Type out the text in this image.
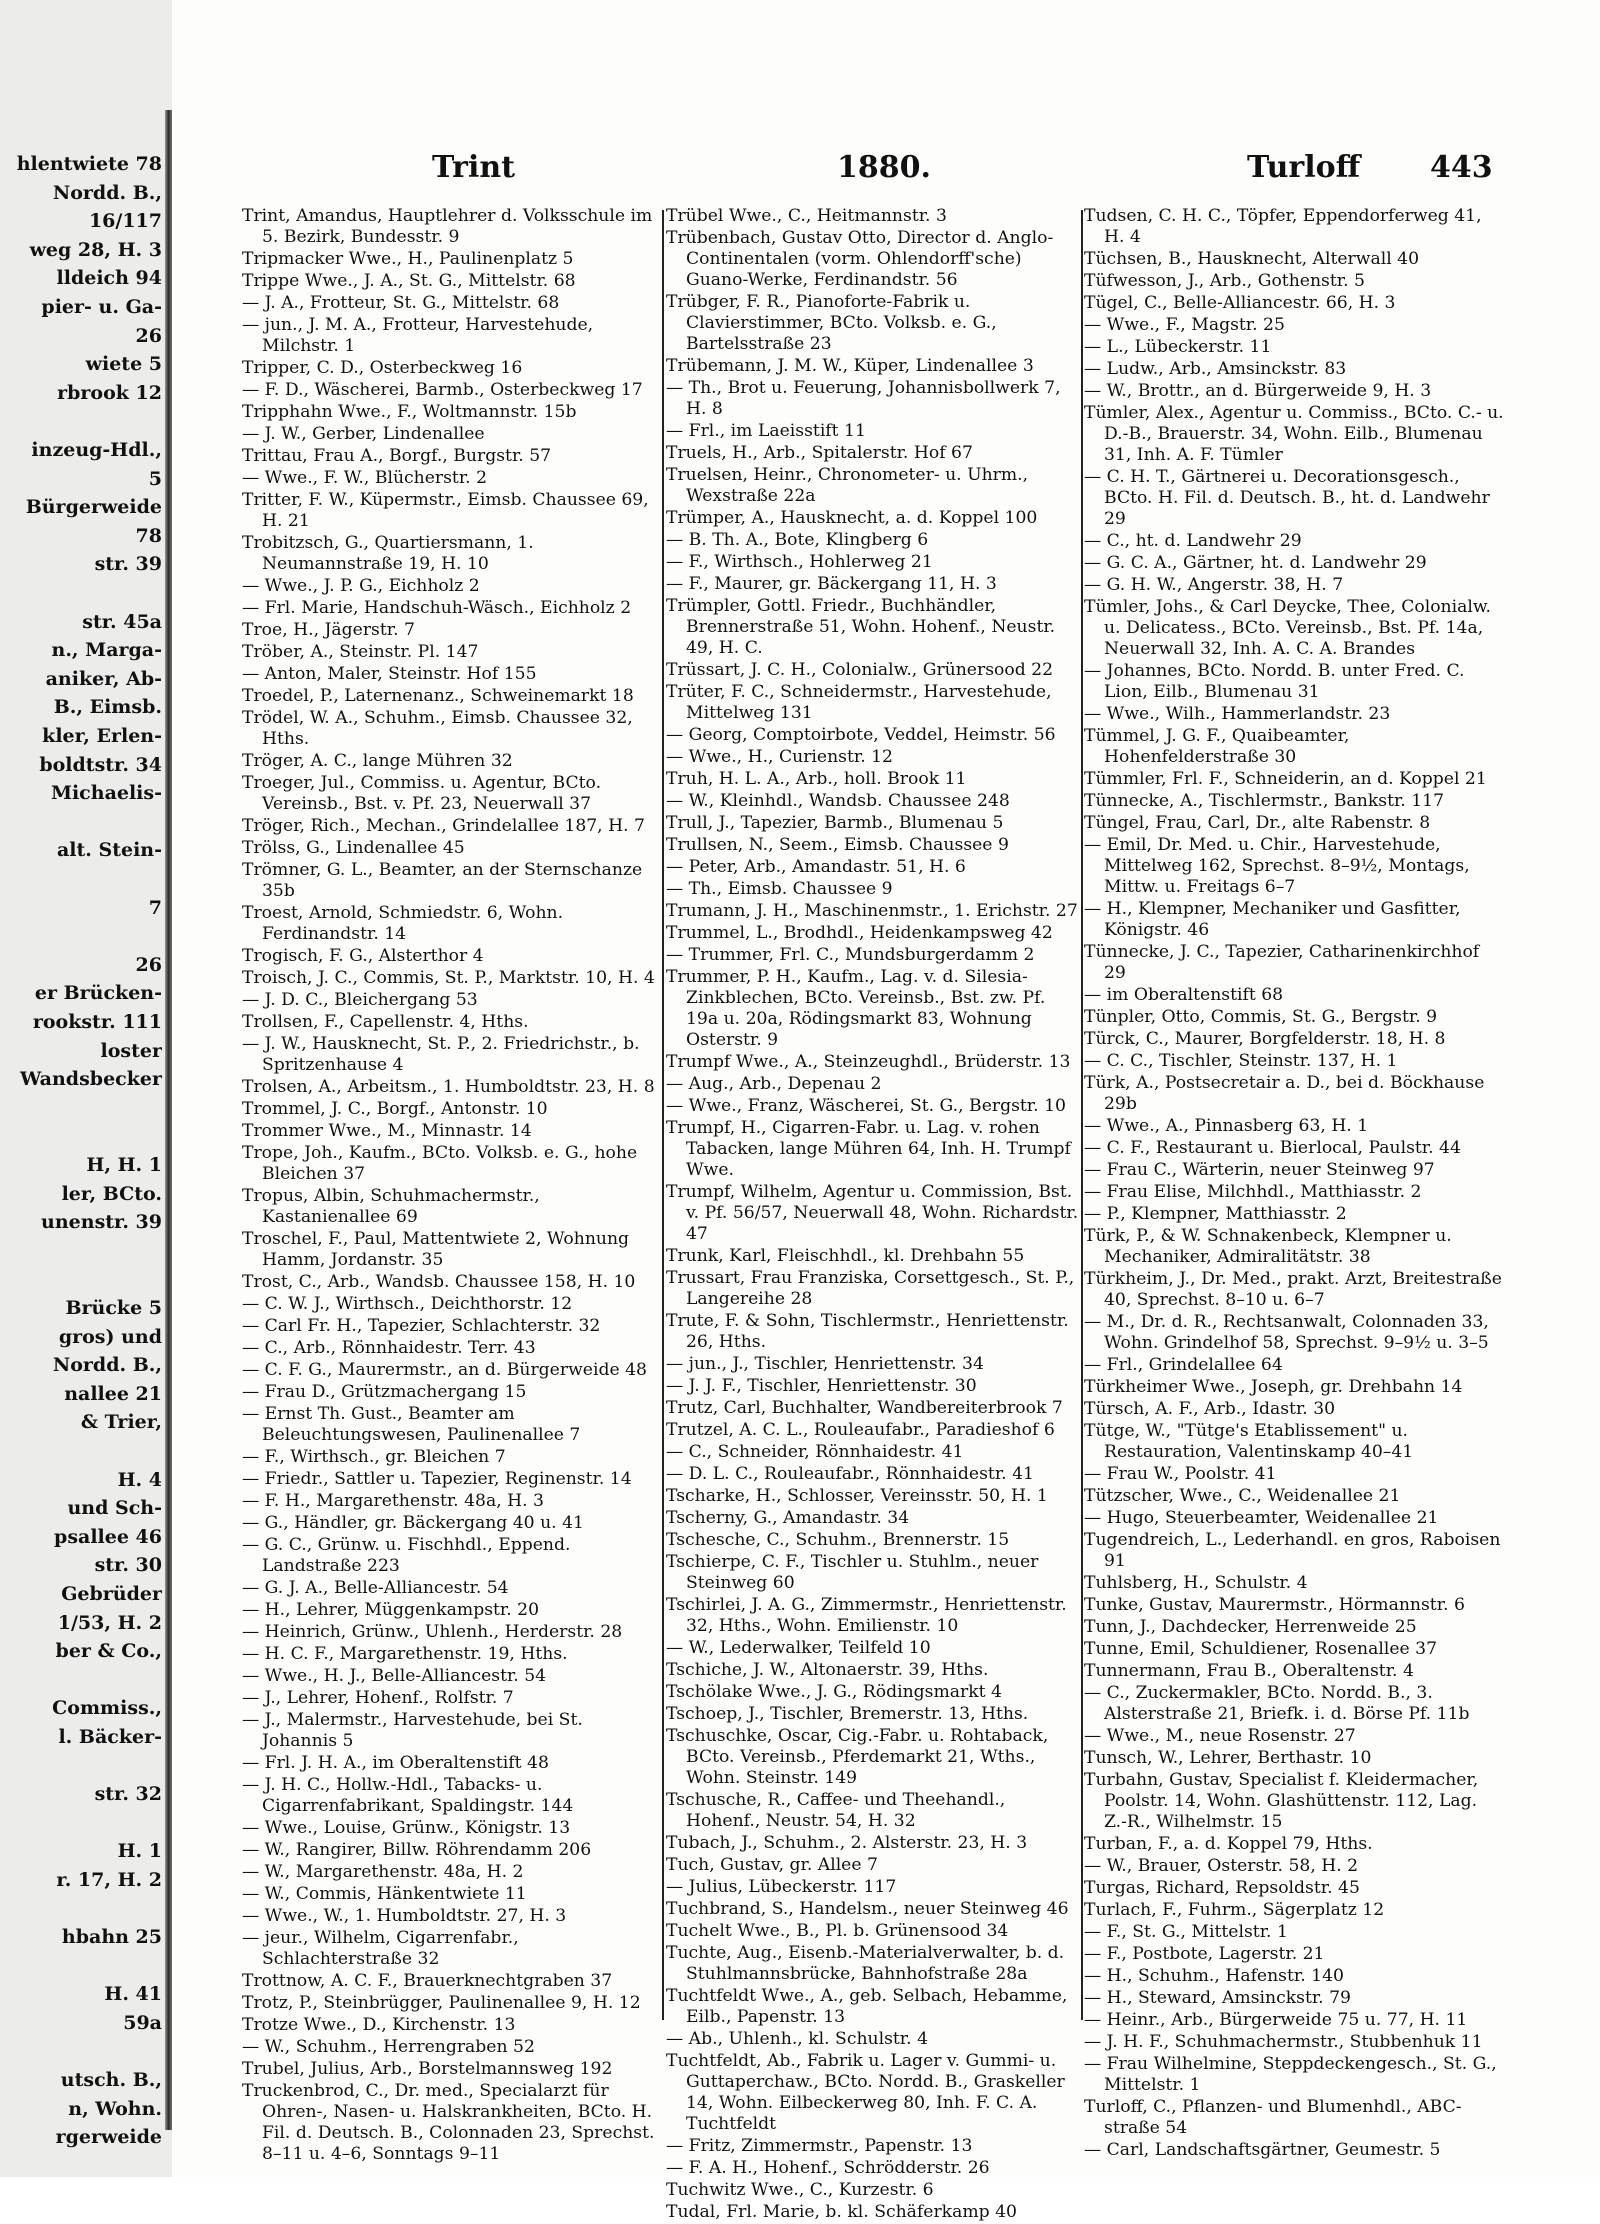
hlentwiete 78
Nordd. B.,
16/117
weg 28, H. 3
lldeich 94
pier- u. Ga-
26
wiete 5
rbrook 12
inzeug-Hdl.,
5
Bürgerweide
78
str. 39
str. 45a
n., Marga-
aniker, Ab-
B., Eimsb.
kler, Erlen-
boldtstr. 34
Michaelis-
alt. Stein-
7
26
er Brücken-
rookstr. 111
loster
Wandsbecker
H, H. 1
ler, BCto.
unenstr. 39
Brücke 5
gros) und
Nordd. B.,
nallee 21
& Trier,
H. 4
und Sch-
psallee 46
str. 30
Gebrüder
1/53, H. 2
ber & Co.,
Commiss.,
l. Bäcker-
str. 32
H. 1
r. 17, H. 2
hbahn 25
H. 41
59a
utsch. B.,
n, Wohn.
rgerweide
Trint	1880.	Turloff 443
Trint, Amandus, Hauptlehrer d. Volksschule im 5. Bezirk, Bundesstr. 9
Tripmacker Wwe., H., Paulinenplatz 5
Trippe Wwe., J. A., St. G., Mittelstr. 68
— J. A., Frotteur, St. G., Mittelstr. 68
— jun., J. M. A., Frotteur, Harvestehude, Milchstr. 1
Tripper, C. D., Osterbeckweg 16
— F. D., Wäscherei, Barmb., Osterbeckweg 17
Tripphahn Wwe., F., Woltmannstr. 15b
— J. W., Gerber, Lindenallee
Trittau, Frau A., Borgf., Burgstr. 57
— Wwe., F. W., Blücherstr. 2
Tritter, F. W., Küpermstr., Eimsb. Chaussee 69, H. 21
Trobitzsch, G., Quartiersmann, 1. Neumannstraße 19, H. 10
— Wwe., J. P. G., Eichholz 2
— Frl. Marie, Handschuh-Wäsch., Eichholz 2
Troe, H., Jägerstr. 7
Tröber, A., Steinstr. Pl. 147
— Anton, Maler, Steinstr. Hof 155
Troedel, P., Laternenanz., Schweinemarkt 18
Trödel, W. A., Schuhm., Eimsb. Chaussee 32, Hths.
Tröger, A. C., lange Mühren 32
Troeger, Jul., Commiss. u. Agentur, BCto. Vereinsb., Bst. v. Pf. 23, Neuerwall 37
Tröger, Rich., Mechan., Grindelallee 187, H. 7
Trölss, G., Lindenallee 45
Trömner, G. L., Beamter, an der Sternschanze 35b
Troest, Arnold, Schmiedstr. 6, Wohn. Ferdinandstr. 14
Trogisch, F. G., Alsterthor 4
Troisch, J. C., Commis, St. P., Marktstr. 10, H. 4
— J. D. C., Bleichergang 53
Trollsen, F., Capellenstr. 4, Hths.
— J. W., Hausknecht, St. P., 2. Friedrichstr., b. Spritzenhause 4
Trolsen, A., Arbeitsm., 1. Humboldtstr. 23, H. 8
Trommel, J. C., Borgf., Antonstr. 10
Trommer Wwe., M., Minnastr. 14
Trope, Joh., Kaufm., BCto. Volksb. e. G., hohe Bleichen 37
Tropus, Albin, Schuhmachermstr., Kastanienallee 69
Troschel, F., Paul, Mattentwiete 2, Wohnung Hamm, Jordanstr. 35
Trost, C., Arb., Wandsb. Chaussee 158, H. 10
— C. W. J., Wirthsch., Deichthorstr. 12
— Carl Fr. H., Tapezier, Schlachterstr. 32
— C., Arb., Rönnhaidestr. Terr. 43
— C. F. G., Maurermstr., an d. Bürgerweide 48
— Frau D., Grützmachergang 15
— Ernst Th. Gust., Beamter am Beleuchtungswesen, Paulinenallee 7
— F., Wirthsch., gr. Bleichen 7
— Friedr., Sattler u. Tapezier, Reginenstr. 14
— F. H., Margarethenstr. 48a, H. 3
— G., Händler, gr. Bäckergang 40 u. 41
— G. C., Grünw. u. Fischhdl., Eppend. Landstraße 223
— G. J. A., Belle-Alliancestr. 54
— H., Lehrer, Müggenkampstr. 20
— Heinrich, Grünw., Uhlenh., Herderstr. 28
— H. C. F., Margarethenstr. 19, Hths.
— Wwe., H. J., Belle-Alliancestr. 54
— J., Lehrer, Hohenf., Rolfstr. 7
— J., Malermstr., Harvestehude, bei St. Johannis 5
— Frl. J. H. A., im Oberaltenstift 48
— J. H. C., Hollw.-Hdl., Tabacks- u. Cigarrenfabrikant, Spaldingstr. 144
— Wwe., Louise, Grünw., Königstr. 13
— W., Rangirer, Billw. Röhrendamm 206
— W., Margarethenstr. 48a, H. 2
— W., Commis, Hänkentwiete 11
— Wwe., W., 1. Humboldtstr. 27, H. 3
— jeur., Wilhelm, Cigarrenfabr., Schlachterstraße 32
Trottnow, A. C. F., Brauerknechtgraben 37
Trotz, P., Steinbrügger, Paulinenallee 9, H. 12
Trotze Wwe., D., Kirchenstr. 13
— W., Schuhm., Herrengraben 52
Trubel, Julius, Arb., Borstelmannsweg 192
Truckenbrod, C., Dr. med., Specialarzt für Ohren-, Nasen- u. Halskrankheiten, BCto. H. Fil. d. Deutsch. B., Colonnaden 23, Sprechst. 8–11 u. 4–6, Sonntags 9–11
Trübel Wwe., C., Heitmannstr. 3
Trübenbach, Gustav Otto, Director d. Anglo-Continentalen (vorm. Ohlendorff'sche) Guano-Werke, Ferdinandstr. 56
Trübger, F. R., Pianoforte-Fabrik u. Clavierstimmer, BCto. Volksb. e. G., Bartelsstraße 23
Trübemann, J. M. W., Küper, Lindenallee 3
— Th., Brot u. Feuerung, Johannisbollwerk 7, H. 8
— Frl., im Laeisstift 11
Truels, H., Arb., Spitalerstr. Hof 67
Truelsen, Heinr., Chronometer- u. Uhrm., Wexstraße 22a
Trümper, A., Hausknecht, a. d. Koppel 100
— B. Th. A., Bote, Klingberg 6
— F., Wirthsch., Hohlerweg 21
— F., Maurer, gr. Bäckergang 11, H. 3
Trümpler, Gottl. Friedr., Buchhändler, Brennerstraße 51, Wohn. Hohenf., Neustr. 49, H. C.
Trüssart, J. C. H., Colonialw., Grünersood 22
Trüter, F. C., Schneidermstr., Harvestehude, Mittelweg 131
— Georg, Comptoirbote, Veddel, Heimstr. 56
— Wwe., H., Curienstr. 12
Truh, H. L. A., Arb., holl. Brook 11
— W., Kleinhdl., Wandsb. Chaussee 248
Trull, J., Tapezier, Barmb., Blumenau 5
Trullsen, N., Seem., Eimsb. Chaussee 9
— Peter, Arb., Amandastr. 51, H. 6
— Th., Eimsb. Chaussee 9
Trumann, J. H., Maschinenmstr., 1. Erichstr. 27
Trummel, L., Brodhdl., Heidenkampsweg 42
— Trummer, Frl. C., Mundsburgerdamm 2
Trummer, P. H., Kaufm., Lag. v. d. Silesia-Zinkblechen, BCto. Vereinsb., Bst. zw. Pf. 19a u. 20a, Rödingsmarkt 83, Wohnung Osterstr. 9
Trumpf Wwe., A., Steinzeughdl., Brüderstr. 13
— Aug., Arb., Depenau 2
— Wwe., Franz, Wäscherei, St. G., Bergstr. 10
Trumpf, H., Cigarren-Fabr. u. Lag. v. rohen Tabacken, lange Mühren 64, Inh. H. Trumpf Wwe.
Trumpf, Wilhelm, Agentur u. Commission, Bst. v. Pf. 56/57, Neuerwall 48, Wohn. Richardstr. 47
Trunk, Karl, Fleischhdl., kl. Drehbahn 55
Trussart, Frau Franziska, Corsettgesch., St. P., Langereihe 28
Trute, F. & Sohn, Tischlermstr., Henriettenstr. 26, Hths.
— jun., J., Tischler, Henriettenstr. 34
— J. J. F., Tischler, Henriettenstr. 30
Trutz, Carl, Buchhalter, Wandbereiterbrook 7
Trutzel, A. C. L., Rouleaufabr., Paradieshof 6
— C., Schneider, Rönnhaidestr. 41
— D. L. C., Rouleaufabr., Rönnhaidestr. 41
Tscharke, H., Schlosser, Vereinsstr. 50, H. 1
Tscherny, G., Amandastr. 34
Tschesche, C., Schuhm., Brennerstr. 15
Tschierpe, C. F., Tischler u. Stuhlm., neuer Steinweg 60
Tschirlei, J. A. G., Zimmermstr., Henriettenstr. 32, Hths., Wohn. Emilienstr. 10
— W., Lederwalker, Teilfeld 10
Tschiche, J. W., Altonaerstr. 39, Hths.
Tschölake Wwe., J. G., Rödingsmarkt 4
Tschoep, J., Tischler, Bremerstr. 13, Hths.
Tschuschke, Oscar, Cig.-Fabr. u. Rohtaback, BCto. Vereinsb., Pferdemarkt 21, Wths., Wohn. Steinstr. 149
Tschusche, R., Caffee- und Theehandl., Hohenf., Neustr. 54, H. 32
Tubach, J., Schuhm., 2. Alsterstr. 23, H. 3
Tuch, Gustav, gr. Allee 7
— Julius, Lübeckerstr. 117
Tuchbrand, S., Handelsm., neuer Steinweg 46
Tuchelt Wwe., B., Pl. b. Grünensood 34
Tuchte, Aug., Eisenb.-Materialverwalter, b. d. Stuhlmannsbrücke, Bahnhofstraße 28a
Tuchtfeldt Wwe., A., geb. Selbach, Hebamme, Eilb., Papenstr. 13
— Ab., Uhlenh., kl. Schulstr. 4
Tuchtfeldt, Ab., Fabrik u. Lager v. Gummi- u. Guttaperchaw., BCto. Nordd. B., Graskeller 14, Wohn. Eilbeckerweg 80, Inh. F. C. A. Tuchtfeldt
— Fritz, Zimmermstr., Papenstr. 13
— F. A. H., Hohenf., Schrödderstr. 26
Tuchwitz Wwe., C., Kurzestr. 6
Tudal, Frl. Marie, b. kl. Schäferkamp 40
Tudsen, C. H. C., Töpfer, Eppendorferweg 41, H. 4
Tüchsen, B., Hausknecht, Alterwall 40
Tüfwesson, J., Arb., Gothenstr. 5
Tügel, C., Belle-Alliancestr. 66, H. 3
— Wwe., F., Magstr. 25
— L., Lübeckerstr. 11
— Ludw., Arb., Amsinckstr. 83
— W., Brottr., an d. Bürgerweide 9, H. 3
Tümler, Alex., Agentur u. Commiss., BCto. C.- u. D.-B., Brauerstr. 34, Wohn. Eilb., Blumenau 31, Inh. A. F. Tümler
— C. H. T., Gärtnerei u. Decorationsgesch., BCto. H. Fil. d. Deutsch. B., ht. d. Landwehr 29
— C., ht. d. Landwehr 29
— G. C. A., Gärtner, ht. d. Landwehr 29
— G. H. W., Angerstr. 38, H. 7
Tümler, Johs., & Carl Deycke, Thee, Colonialw. u. Delicatess., BCto. Vereinsb., Bst. Pf. 14a, Neuerwall 32, Inh. A. C. A. Brandes
— Johannes, BCto. Nordd. B. unter Fred. C. Lion, Eilb., Blumenau 31
— Wwe., Wilh., Hammerlandstr. 23
Tümmel, J. G. F., Quaibeamter, Hohenfelderstraße 30
Tümmler, Frl. F., Schneiderin, an d. Koppel 21
Tünnecke, A., Tischlermstr., Bankstr. 117
Tüngel, Frau, Carl, Dr., alte Rabenstr. 8
— Emil, Dr. Med. u. Chir., Harvestehude, Mittelweg 162, Sprechst. 8–9½, Montags, Mittw. u. Freitags 6–7
— H., Klempner, Mechaniker und Gasfitter, Königstr. 46
Tünnecke, J. C., Tapezier, Catharinenkirchhof 29
— im Oberaltenstift 68
Tünpler, Otto, Commis, St. G., Bergstr. 9
Türck, C., Maurer, Borgfelderstr. 18, H. 8
— C. C., Tischler, Steinstr. 137, H. 1
Türk, A., Postsecretair a. D., bei d. Böckhause 29b
— Wwe., A., Pinnasberg 63, H. 1
— C. F., Restaurant u. Bierlocal, Paulstr. 44
— Frau C., Wärterin, neuer Steinweg 97
— Frau Elise, Milchhdl., Matthiasstr. 2
— P., Klempner, Matthiasstr. 2
Türk, P., & W. Schnakenbeck, Klempner u. Mechaniker, Admiralitätstr. 38
Türkheim, J., Dr. Med., prakt. Arzt, Breitestraße 40, Sprechst. 8–10 u. 6–7
— M., Dr. d. R., Rechtsanwalt, Colonnaden 33, Wohn. Grindelhof 58, Sprechst. 9–9½ u. 3–5
— Frl., Grindelallee 64
Türkheimer Wwe., Joseph, gr. Drehbahn 14
Türsch, A. F., Arb., Idastr. 30
Tütge, W., "Tütge's Etablissement" u. Restauration, Valentinskamp 40–41
— Frau W., Poolstr. 41
Tützscher, Wwe., C., Weidenallee 21
— Hugo, Steuerbeamter, Weidenallee 21
Tugendreich, L., Lederhandl. en gros, Raboisen 91
Tuhlsberg, H., Schulstr. 4
Tunke, Gustav, Maurermstr., Hörmannstr. 6
Tunn, J., Dachdecker, Herrenweide 25
Tunne, Emil, Schuldiener, Rosenallee 37
Tunnermann, Frau B., Oberaltenstr. 4
— C., Zuckermakler, BCto. Nordd. B., 3. Alsterstraße 21, Briefk. i. d. Börse Pf. 11b
— Wwe., M., neue Rosenstr. 27
Tunsch, W., Lehrer, Berthastr. 10
Turbahn, Gustav, Specialist f. Kleidermacher, Poolstr. 14, Wohn. Glashüttenstr. 112, Lag. Z.-R., Wilhelmstr. 15
Turban, F., a. d. Koppel 79, Hths.
— W., Brauer, Osterstr. 58, H. 2
Turgas, Richard, Repsoldstr. 45
Turlach, F., Fuhrm., Sägerplatz 12
— F., St. G., Mittelstr. 1
— F., Postbote, Lagerstr. 21
— H., Schuhm., Hafenstr. 140
— H., Steward, Amsinckstr. 79
— Heinr., Arb., Bürgerweide 75 u. 77, H. 11
— J. H. F., Schuhmachermstr., Stubbenhuk 11
— Frau Wilhelmine, Steppdeckengesch., St. G., Mittelstr. 1
Turloff, C., Pflanzen- und Blumenhdl., ABC-straße 54
— Carl, Landschaftsgärtner, Geumestr. 5
